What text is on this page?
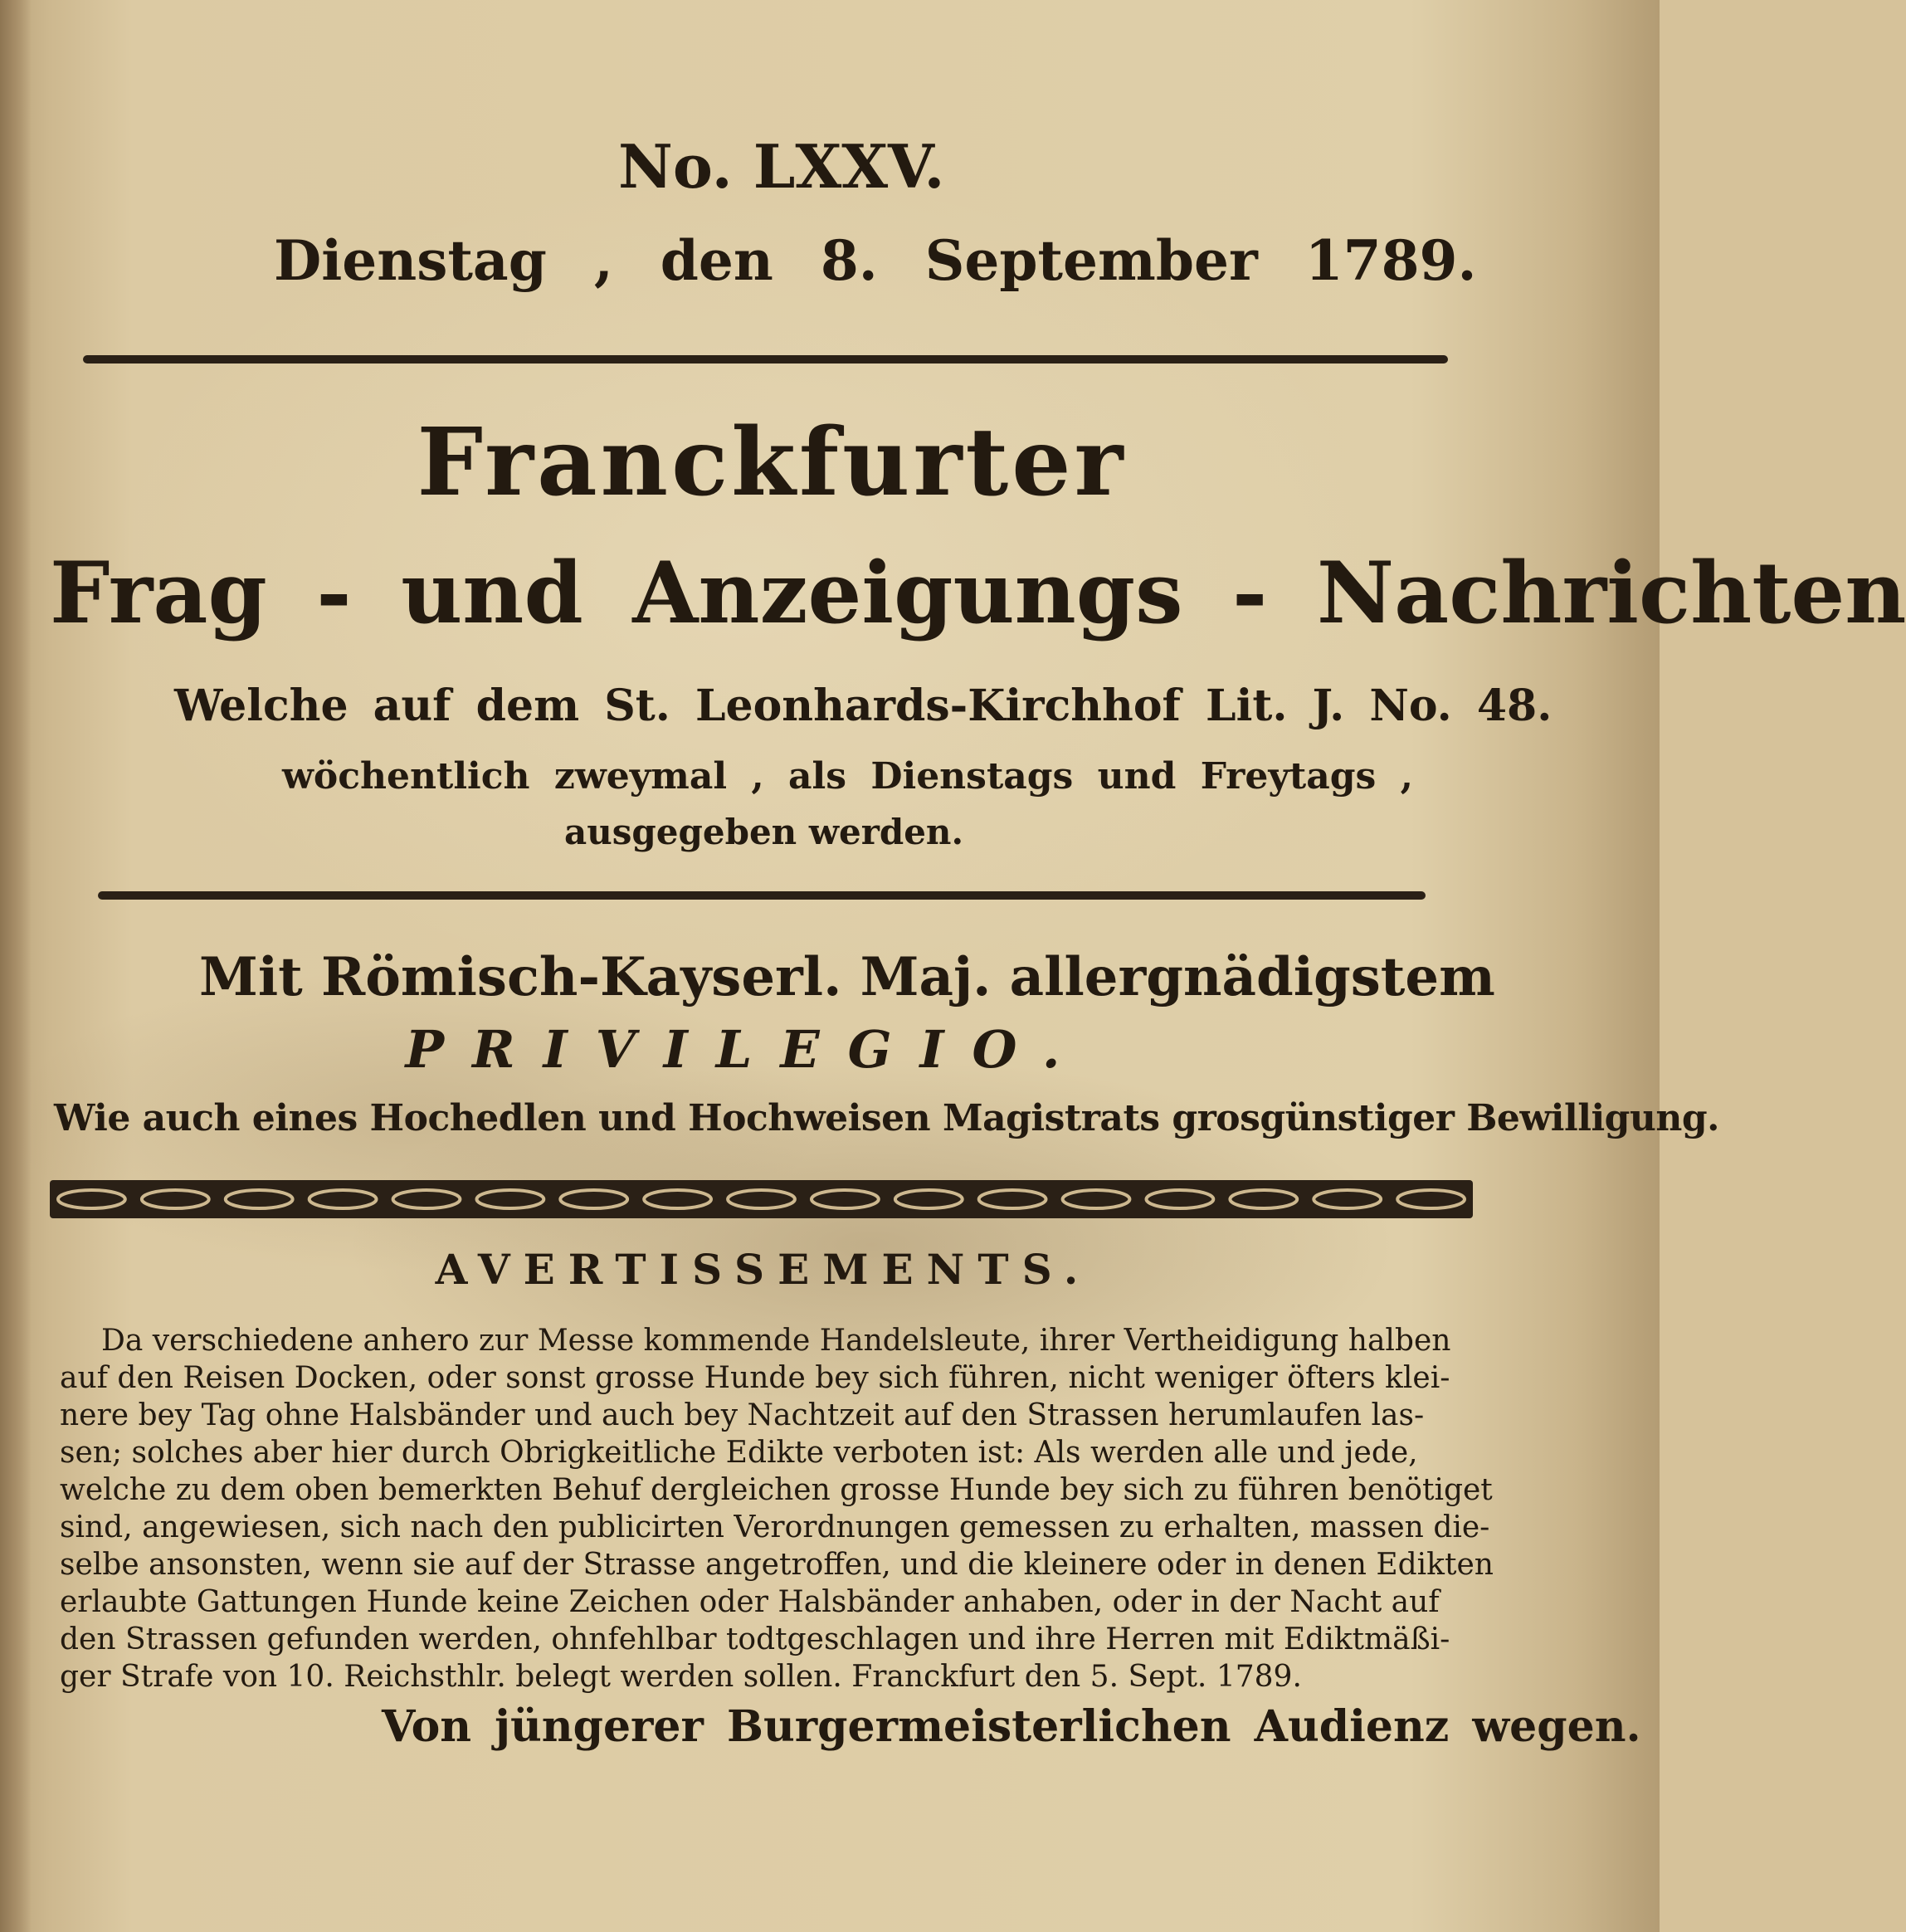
No. LXXV.
Dienstag , den 8. September 1789.
Franckfurter
Frag - und Anzeigungs - Nachrichten
Welche auf dem St. Leonhards-Kirchhof Lit. J. No. 48.
wöchentlich zweymal , als Dienstags und Freytags ,
ausgegeben werden.
Mit Römisch-Kayserl. Maj. allergnädigstem
PRIVILEGIO.
Wie auch eines Hochedlen und Hochweisen Magistrats grosgünstiger Bewilligung.
AVERTISSEMENTS.
Da verschiedene anhero zur Messe kommende Handelsleute, ihrer Vertheidigung halben
auf den Reisen Docken, oder sonst grosse Hunde bey sich führen, nicht weniger öfters klei-
nere bey Tag ohne Halsbänder und auch bey Nachtzeit auf den Strassen herumlaufen las-
sen; solches aber hier durch Obrigkeitliche Edikte verboten ist: Als werden alle und jede,
welche zu dem oben bemerkten Behuf dergleichen grosse Hunde bey sich zu führen benötiget
sind, angewiesen, sich nach den publicirten Verordnungen gemessen zu erhalten, massen die-
selbe ansonsten, wenn sie auf der Strasse angetroffen, und die kleinere oder in denen Edikten
erlaubte Gattungen Hunde keine Zeichen oder Halsbänder anhaben, oder in der Nacht auf
den Strassen gefunden werden, ohnfehlbar todtgeschlagen und ihre Herren mit Ediktmäßi-
ger Strafe von 10. Reichsthlr. belegt werden sollen. Franckfurt den 5. Sept. 1789.
Von jüngerer Burgermeisterlichen Audienz wegen.
